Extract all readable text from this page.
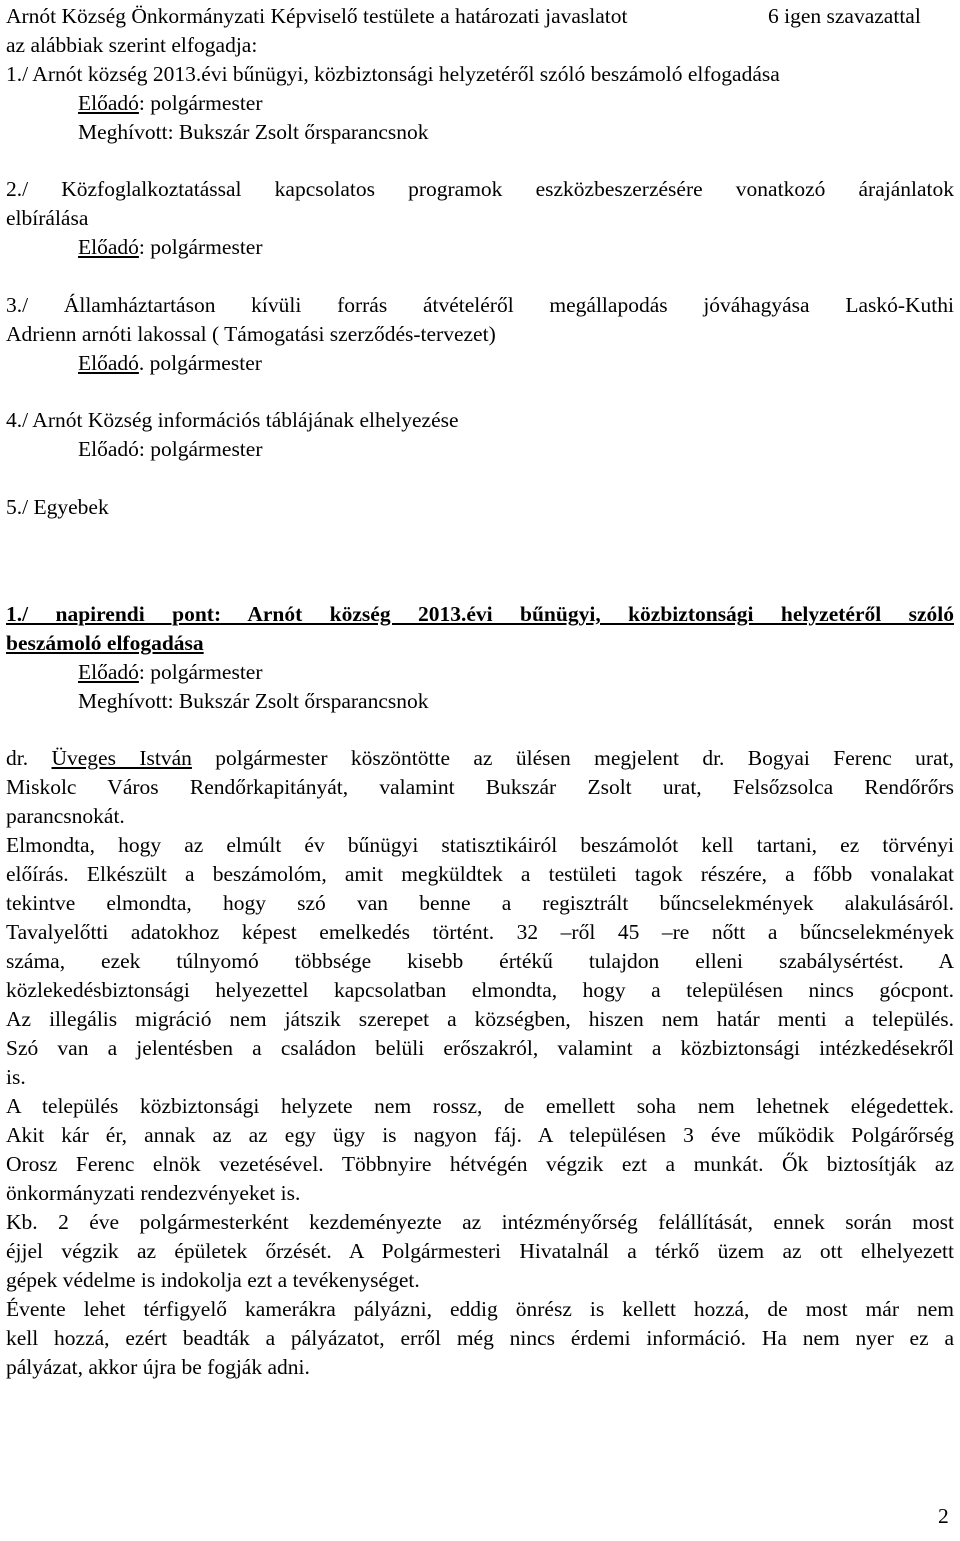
Arnót Község Önkormányzati Képviselő testülete a határozati javaslatot	6 igen szavazattal
az alábbiak szerint elfogadja:
1./ Arnót község 2013.évi bűnügyi, közbiztonsági helyzetéről szóló beszámoló elfogadása
Előadó: polgármester
Meghívott: Bukszár Zsolt őrsparancsnok
2./ Közfoglalkoztatással kapcsolatos programok eszközbeszerzésére vonatkozó árajánlatok
elbírálása
Előadó: polgármester
3./ Államháztartáson kívüli forrás átvételéről megállapodás jóváhagyása Laskó-Kuthi
Adrienn arnóti lakossal ( Támogatási szerződés-tervezet)
Előadó. polgármester
4./ Arnót Község információs táblájának elhelyezése
Előadó: polgármester
5./ Egyebek
1./ napirendi pont: Arnót község 2013.évi bűnügyi, közbiztonsági helyzetéről szóló
beszámoló elfogadása
Előadó: polgármester
Meghívott: Bukszár Zsolt őrsparancsnok
dr. Üveges István polgármester köszöntötte az ülésen megjelent dr. Bogyai Ferenc urat,
Miskolc Város Rendőrkapitányát, valamint Bukszár Zsolt urat, Felsőzsolca Rendőrőrs
parancsnokát.
Elmondta, hogy az elmúlt év bűnügyi statisztikáiról beszámolót kell tartani, ez törvényi
előírás. Elkészült a beszámolóm, amit megküldtek a testületi tagok részére, a főbb vonalakat
tekintve elmondta, hogy szó van benne a regisztrált bűncselekmények alakulásáról.
Tavalyelőtti adatokhoz képest emelkedés történt. 32 –ről 45 –re nőtt a bűncselekmények
száma, ezek túlnyomó többsége kisebb értékű tulajdon elleni szabálysértést. A
közlekedésbiztonsági helyezettel kapcsolatban elmondta, hogy a településen nincs gócpont.
Az illegális migráció nem játszik szerepet a községben, hiszen nem határ menti a település.
Szó van a jelentésben a családon belüli erőszakról, valamint a közbiztonsági intézkedésekről
is.
A település közbiztonsági helyzete nem rossz, de emellett soha nem lehetnek elégedettek.
Akit kár ér, annak az az egy ügy is nagyon fáj. A településen 3 éve működik Polgárőrség
Orosz Ferenc elnök vezetésével. Többnyire hétvégén végzik ezt a munkát. Ők biztosítják az
önkormányzati rendezvényeket is.
Kb. 2 éve polgármesterként kezdeményezte az intézményőrség felállítását, ennek során most
éjjel végzik az épületek őrzését. A Polgármesteri Hivatalnál a térkő üzem az ott elhelyezett
gépek védelme is indokolja ezt a tevékenységet.
Évente lehet térfigyelő kamerákra pályázni, eddig önrész is kellett hozzá, de most már nem
kell hozzá, ezért beadták a pályázatot, erről még nincs érdemi információ. Ha nem nyer ez a
pályázat, akkor újra be fogják adni.
2
